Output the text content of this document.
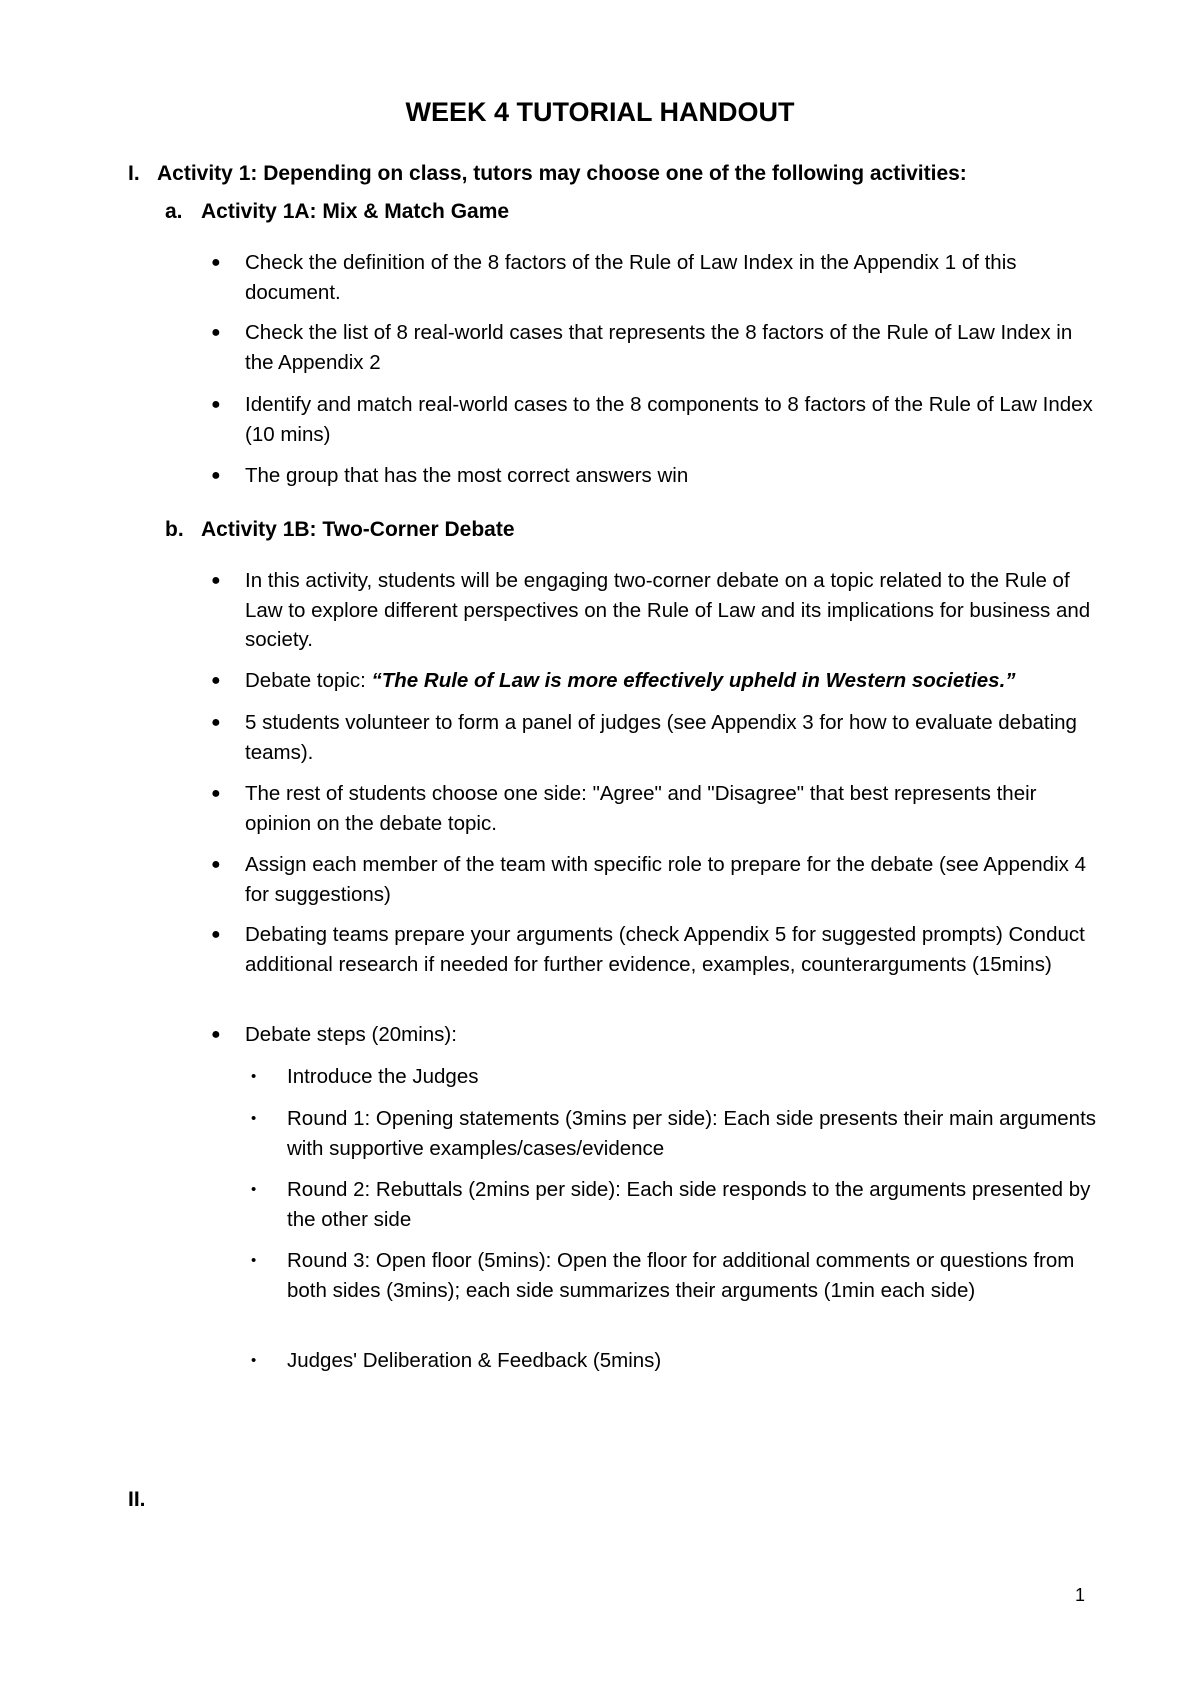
WEEK 4 TUTORIAL HANDOUT
I. Activity 1: Depending on class, tutors may choose one of the following activities:
a. Activity 1A: Mix & Match Game
● Check the definition of the 8 factors of the Rule of Law Index in the Appendix 1 of this document.
● Check the list of 8 real-world cases that represents the 8 factors of the Rule of Law Index in the Appendix 2
● Identify and match real-world cases to the 8 components to 8 factors of the Rule of Law Index (10 mins)
● The group that has the most correct answers win
b. Activity 1B: Two-Corner Debate
● In this activity, students will be engaging two-corner debate on a topic related to the Rule of Law to explore different perspectives on the Rule of Law and its implications for business and society.
● Debate topic: “The Rule of Law is more effectively upheld in Western societies.”
● 5 students volunteer to form a panel of judges (see Appendix 3 for how to evaluate debating teams).
● The rest of students choose one side: "Agree" and "Disagree" that best represents their opinion on the debate topic.
● Assign each member of the team with specific role to prepare for the debate (see Appendix 4 for suggestions)
● Debating teams prepare your arguments (check Appendix 5 for suggested prompts) Conduct additional research if needed for further evidence, examples, counterarguments (15mins)
● Debate steps (20mins):
• Introduce the Judges
• Round 1: Opening statements (3mins per side): Each side presents their main arguments with supportive examples/cases/evidence
• Round 2: Rebuttals (2mins per side): Each side responds to the arguments presented by the other side
• Round 3: Open floor (5mins): Open the floor for additional comments or questions from both sides (3mins); each side summarizes their arguments (1min each side)
• Judges' Deliberation & Feedback (5mins)
II.
1
